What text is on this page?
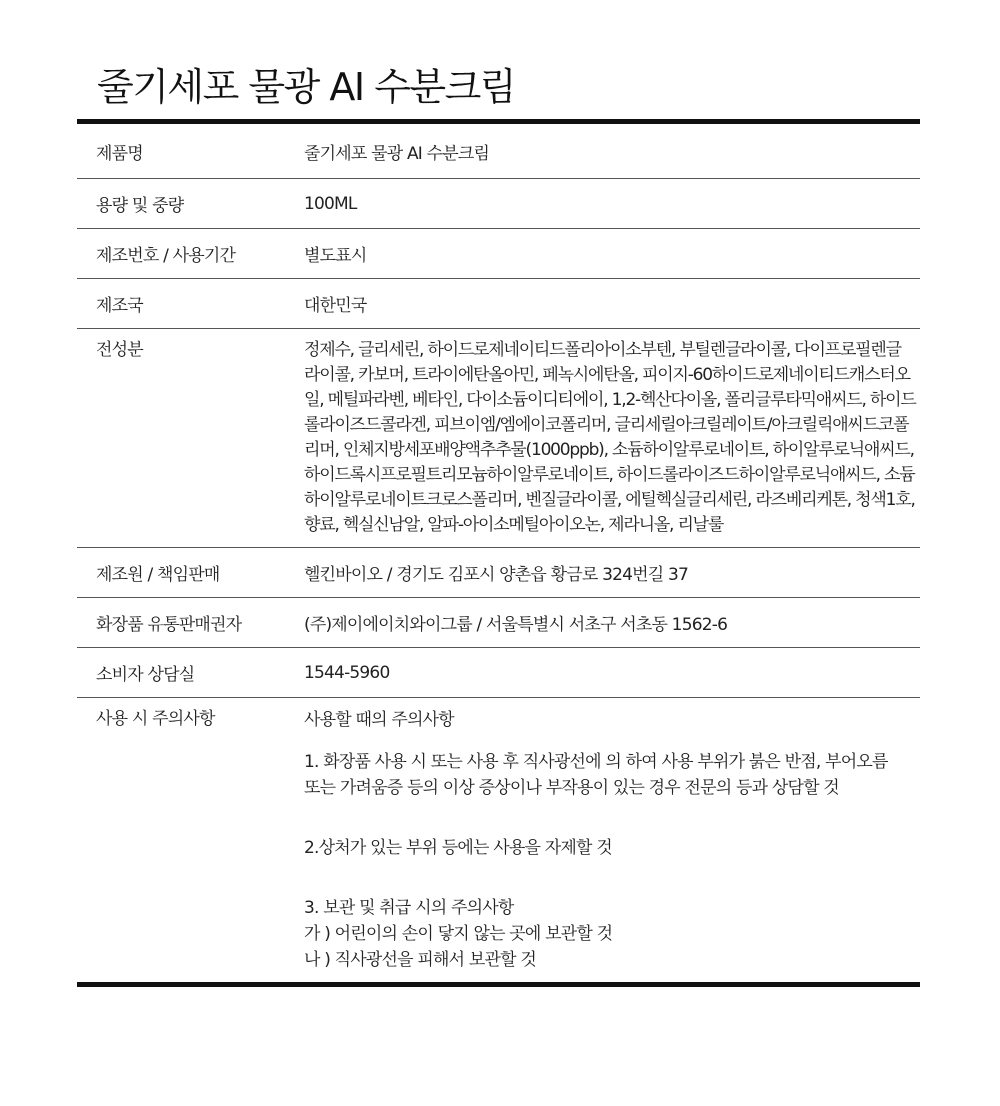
줄기세포 물광 AI 수분크림
제품명	줄기세포 물광 AI 수분크림
용량 및 중량	100ML
제조번호 / 사용기간	별도표시
제조국	대한민국
전성분	정제수, 글리세린, 하이드로제네이티드폴리아이소부텐, 부틸렌글라이콜, 다이프로필렌글라이콜, 카보머, 트라이에탄올아민, 페녹시에탄올, 피이지-60하이드로제네이티드캐스터오일, 메틸파라벤, 베타인, 다이소듐이디티에이, 1,2-헥산다이올, 폴리글루타믹애씨드, 하이드롤라이즈드콜라겐, 피브이엠/엠에이코폴리머, 글리세릴아크릴레이트/아크릴릭애씨드코폴리머, 인체지방세포배양액추추물(1000ppb), 소듐하이알루로네이트, 하이알루로닉애씨드, 하이드록시프로필트리모늄하이알루로네이트, 하이드롤라이즈드하이알루로닉애씨드, 소듐하이알루로네이트크로스폴리머, 벤질글라이콜, 에틸헥실글리세린, 라즈베리케톤, 청색1호, 향료, 헥실신남알, 알파-아이소메틸아이오논, 제라니올, 리날룰
제조원 / 책임판매	헬킨바이오 / 경기도 김포시 양촌읍 황금로 324번길 37
화장품 유통판매권자	(주)제이에이치와이그룹 / 서울특별시 서초구 서초동 1562-6
소비자 상담실	1544-5960
사용 시 주의사항	사용할 때의 주의사항

1. 화장품 사용 시 또는 사용 후 직사광선에 의 하여 사용 부위가 붉은 반점, 부어오름

또는 가려움증 등의 이상 증상이나 부작용이 있는 경우 전문의 등과 상담할 것

2.상처가 있는 부위 등에는 사용을 자제할 것

3. 보관 및 취급 시의 주의사항

가 ) 어린이의 손이 닿지 않는 곳에 보관할 것

나 ) 직사광선을 피해서 보관할 것
